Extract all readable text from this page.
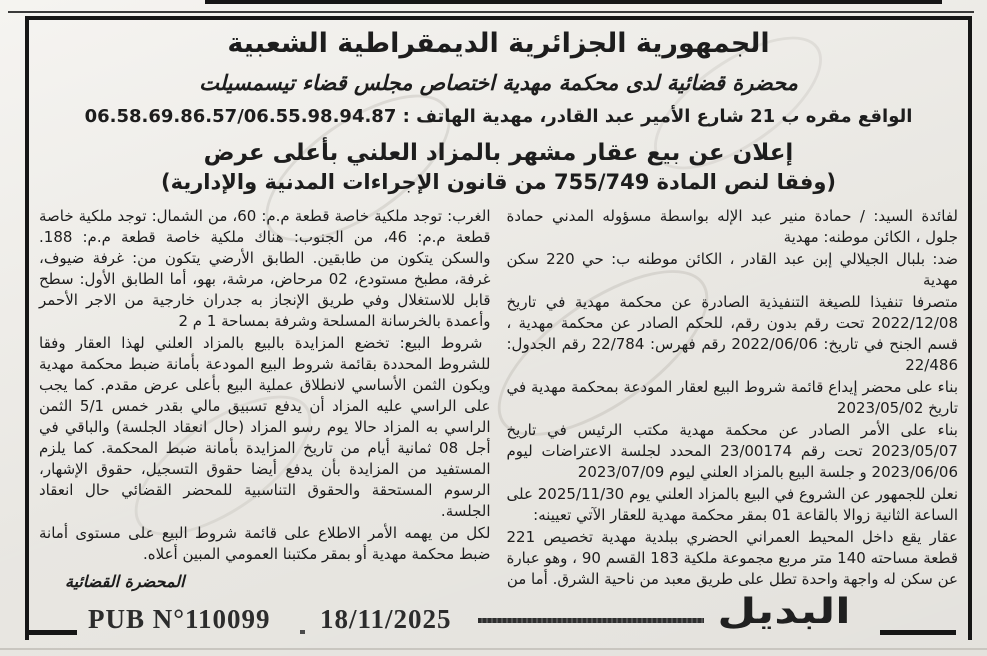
الجمهورية الجزائرية الديمقراطية الشعبية
محضرة قضائية لدى محكمة مهدية اختصاص مجلس قضاء تيسمسيلت
الواقع مقره ب 21 شارع الأمير عبد القادر، مهدية الهاتف : 06.58.69.86.57/06.55.98.94.87
إعلان عن بيع عقار مشهر بالمزاد العلني بأعلى عرض
(وفقا لنص المادة 755/749 من قانون الإجراءات المدنية والإدارية)

لفائدة السيد: / حمادة منير عبد الإله بواسطة مسؤوله المدني حمادة جلول ، الكائن موطنه: مهدية

ضد: بلبال الجيلالي إبن عبد القادر ، الكائن موطنه ب: حي 220 سكن مهدية

متصرفا تنفيذا للصيغة التنفيذية الصادرة عن محكمة مهدية في تاريخ 2022/12/08 تحت رقم بدون رقم، للحكم الصادر عن محكمة مهدية ، قسم الجنح في تاريخ: 2022/06/06 رقم فهرس: 22/784 رقم الجدول: 22/486

بناء على محضر إيداع قائمة شروط البيع لعقار المودعة بمحكمة مهدية في تاريخ 2023/05/02

بناء على الأمر الصادر عن محكمة مهدية مكتب الرئيس في تاريخ 2023/05/07 تحت رقم 23/00174 المحدد لجلسة الاعتراضات ليوم 2023/06/06 و جلسة البيع بالمزاد العلني ليوم 2023/07/09

نعلن للجمهور عن الشروع في البيع بالمزاد العلني يوم 2025/11/30 على الساعة الثانية زوالا بالقاعة 01 بمقر محكمة مهدية للعقار الآتي تعيينه:

عقار يقع داخل المحيط العمراني الحضري ببلدية مهدية تخصيص 221 قطعة مساحته 140 متر مربع مجموعة ملكية 183 القسم 90 ، وهو عبارة عن سكن له واجهة واحدة تطل على طريق معبد من ناحية الشرق. أما من

الغرب: توجد ملكية خاصة قطعة م.م: 60، من الشمال: توجد ملكية خاصة قطعة م.م: 46، من الجنوب: هناك ملكية خاصة قطعة م.م: 188. والسكن يتكون من طابقين. الطابق الأرضي يتكون من: غرفة ضيوف، غرفة، مطبخ مستودع، 02 مرحاض، مرشة، بهو، أما الطابق الأول: سطح قابل للاستغلال وفي طريق الإنجاز به جدران خارجية من الاجر الأحمر وأعمدة بالخرسانة المسلحة وشرفة بمساحة 1 م 2

شروط البيع: تخضع المزايدة بالبيع بالمزاد العلني لهذا العقار وفقا للشروط المحددة بقائمة شروط البيع المودعة بأمانة ضبط محكمة مهدية ويكون الثمن الأساسي لانطلاق عملية البيع بأعلى عرض مقدم. كما يجب على الراسي عليه المزاد أن يدفع تسبيق مالي بقدر خمس 5/1 الثمن الراسي به المزاد حالا يوم رسو المزاد (حال انعقاد الجلسة) والباقي في أجل 08 ثمانية أيام من تاريخ المزايدة بأمانة ضبط المحكمة. كما يلزم المستفيد من المزايدة بأن يدفع أيضا حقوق التسجيل، حقوق الإشهار، الرسوم المستحقة والحقوق التناسبية للمحضر القضائي حال انعقاد الجلسة.

لكل من يهمه الأمر الاطلاع على قائمة شروط البيع على مستوى أمانة ضبط محكمة مهدية أو بمقر مكتبنا العمومي المبين أعلاه.

المحضرة القضائية
PUB N°110099 18/11/2025	البديل
